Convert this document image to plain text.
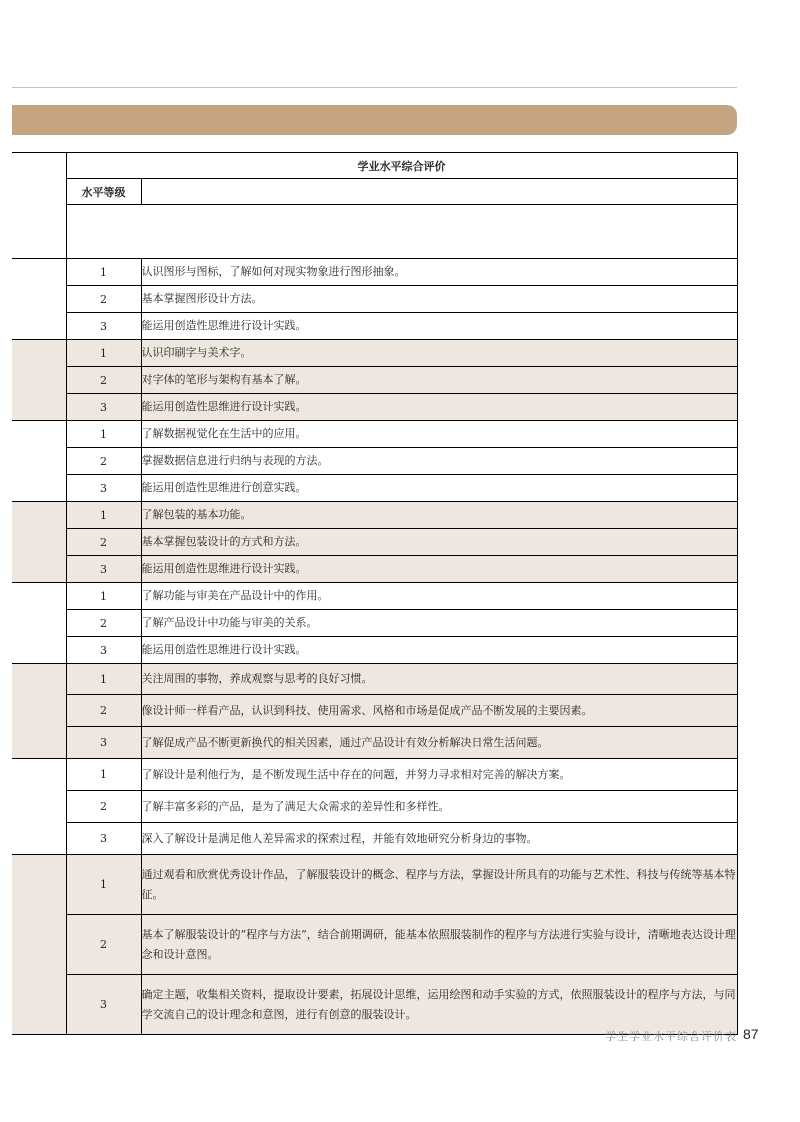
	学业水平综合评价	
	水平等级	

	1	认识图形与图标，了解如何对现实物象进行图形抽象。
	2	基本掌握图形设计方法。
	3	能运用创造性思维进行设计实践。
	1	认识印刷字与美术字。
	2	对字体的笔形与架构有基本了解。
	3	能运用创造性思维进行设计实践。
	1	了解数据视觉化在生活中的应用。
	2	掌握数据信息进行归纳与表现的方法。
	3	能运用创造性思维进行创意实践。
	1	了解包装的基本功能。
	2	基本掌握包装设计的方式和方法。
	3	能运用创造性思维进行设计实践。
	1	了解功能与审美在产品设计中的作用。
	2	了解产品设计中功能与审美的关系。
	3	能运用创造性思维进行设计实践。
	1	关注周围的事物，养成观察与思考的良好习惯。
	2	像设计师一样看产品，认识到科技、使用需求、风格和市场是促成产品不断发展的主要因素。
	3	了解促成产品不断更新换代的相关因素，通过产品设计有效分析解决日常生活问题。
	1	了解设计是利他行为，是不断发现生活中存在的问题，并努力寻求相对完善的解决方案。
	2	了解丰富多彩的产品，是为了满足大众需求的差异性和多样性。
	3	深入了解设计是满足他人差异需求的探索过程，并能有效地研究分析身边的事物。
	1	通过观看和欣赏优秀设计作品，了解服装设计的概念、程序与方法，掌握设计所具有的功能与艺术性、科技与传统等基本特征。
	2	基本了解服装设计的“程序与方法”，结合前期调研，能基本依照服装制作的程序与方法进行实验与设计，清晰地表达设计理念和设计意图。
	3	确定主题，收集相关资料，提取设计要素，拓展设计思维，运用绘图和动手实验的方式，依照服装设计的程序与方法，与同学交流自己的设计理念和意图，进行有创意的服装设计。
学生学业水平综合评价表 87
